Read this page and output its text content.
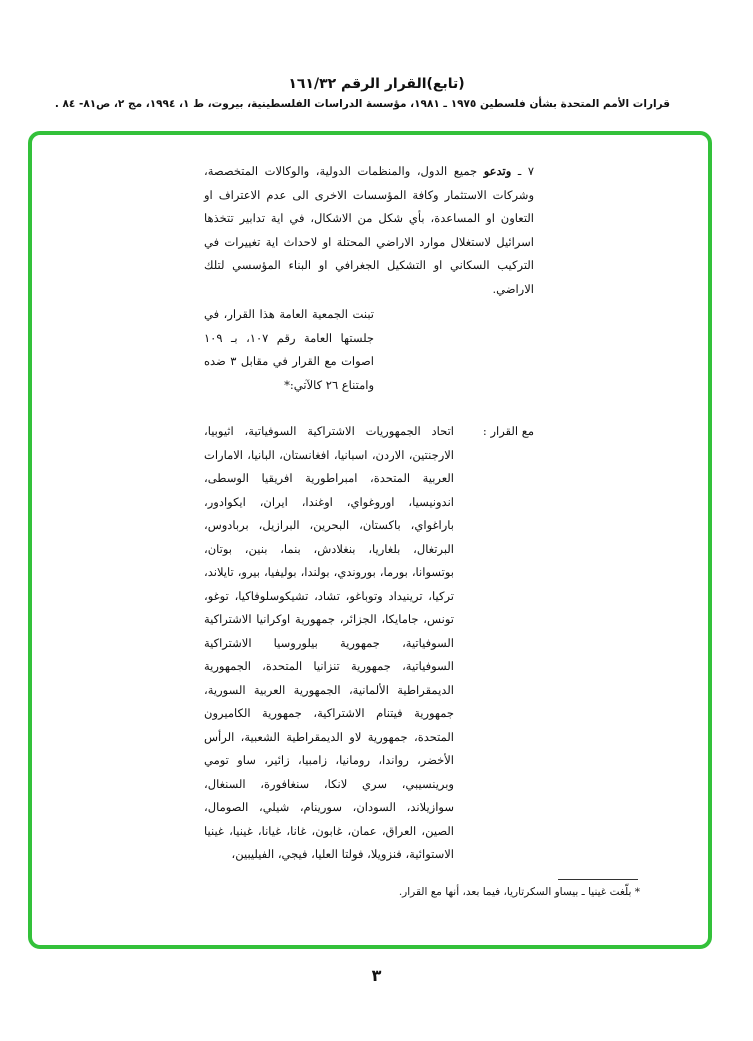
(تابع)القرار الرقم ١٦١/٣٢
قرارات الأمم المتحدة بشأن فلسطين ١٩٧٥ ـ ١٩٨١، مؤسسة الدراسات الفلسطينية، بيروت، ط ١، ١٩٩٤، مج ٢، ص٨١- ٨٤ .
٧ ـ وتدعو جميع الدول، والمنظمات الدولية، والوكالات المتخصصة، وشركات الاستثمار وكافة المؤسسات الاخرى الى عدم الاعتراف او التعاون او المساعدة، بأي شكل من الاشكال، في اية تدابير تتخذها اسرائيل لاستغلال موارد الاراضي المحتلة او لاحداث اية تغييرات في التركيب السكاني او التشكيل الجغرافي او البناء المؤسسي لتلك الاراضي.
تبنت الجمعية العامة هذا القرار، في جلستها العامة رقم ١٠٧، بـ ١٠٩ اصوات مع القرار في مقابل ٣ ضده وامتناع ٢٦ كالآتي:*
مع القرار :
اتحاد الجمهوريات الاشتراكية السوفياتية، اثيوبيا، الارجنتين، الاردن، اسبانيا، افغانستان، البانيا، الامارات العربية المتحدة، امبراطورية افريقيا الوسطى، اندونيسيا، اوروغواي، اوغندا، ايران، ايكوادور، باراغواي، باكستان، البحرين، البرازيل، بربادوس، البرتغال، بلغاريا، بنغلادش، بنما، بنين، بوتان، بوتسوانا، بورما، بوروندي، بولندا، بوليفيا، بيرو، تايلاند، تركيا، ترينيداد وتوباغو، تشاد، تشيكوسلوفاكيا، توغو، تونس، جامايكا، الجزائر، جمهورية اوكرانيا الاشتراكية السوفياتية، جمهورية بيلوروسيا الاشتراكية السوفياتية، جمهورية تنزانيا المتحدة، الجمهورية الديمقراطية الألمانية، الجمهورية العربية السورية، جمهورية فيتنام الاشتراكية، جمهورية الكاميرون المتحدة، جمهورية لاو الديمقراطية الشعبية، الرأس الأخضر، رواندا، رومانيا، زامبيا، زائير، ساو تومي وبرينسيبي، سري لانكا، سنغافورة، السنغال، سوازيلاند، السودان، سورينام، شيلي، الصومال، الصين، العراق، عمان، غابون، غانا، غيانا، غينيا، غينيا الاستوائية، فنزويلا، فولتا العليا، فيجي، الفيليبين،
* بلّغت غينيا ـ بيساو السكرتاريا، فيما بعد، أنها مع القرار.
٣
